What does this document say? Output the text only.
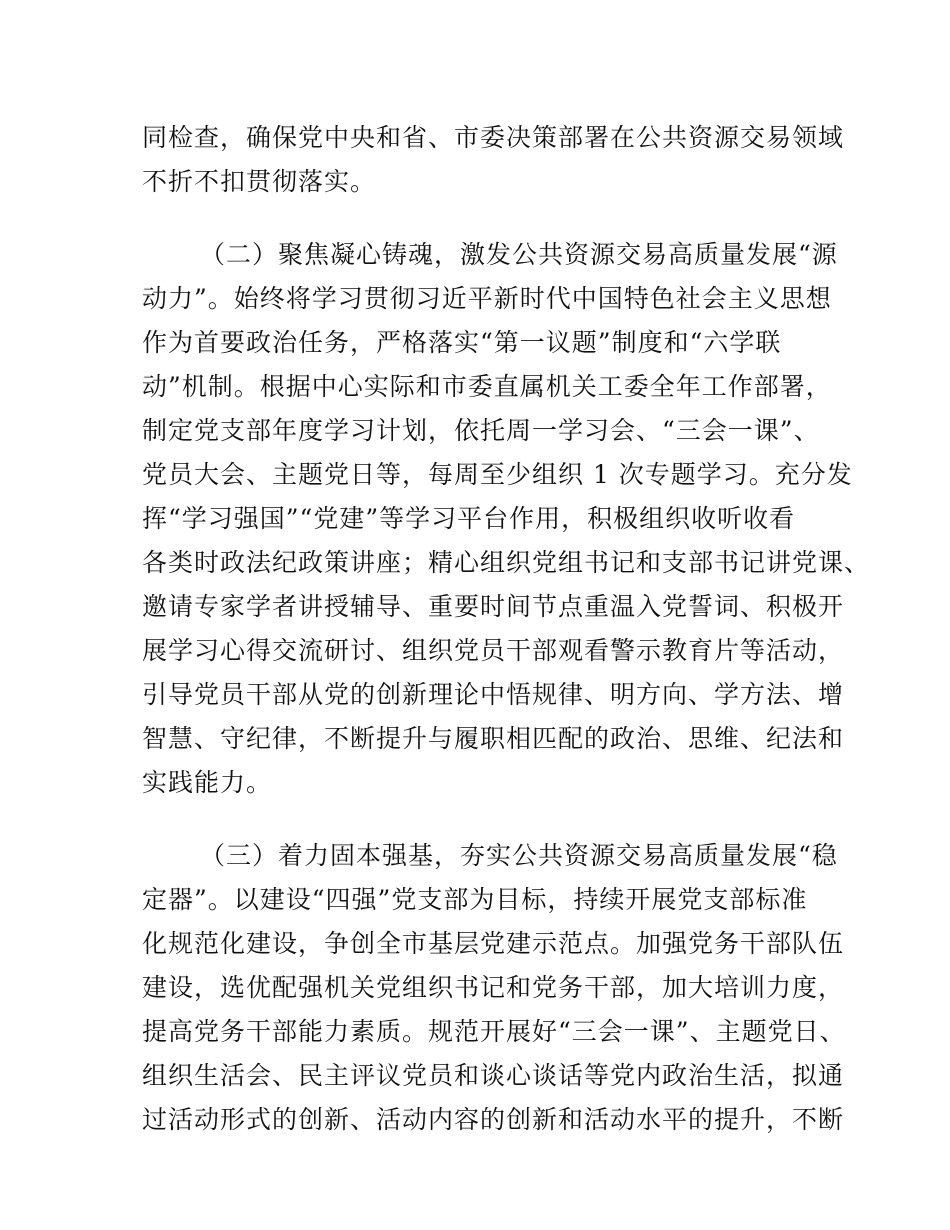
同检查，确保党中央和省、市委决策部署在公共资源交易领域
不折不扣贯彻落实。
（二）聚焦凝心铸魂，激发公共资源交易高质量发展“源
动力”。始终将学习贯彻习近平新时代中国特色社会主义思想
作为首要政治任务，严格落实“第一议题”制度和“六学联
动”机制。根据中心实际和市委直属机关工委全年工作部署，
制定党支部年度学习计划，依托周一学习会、“三会一课”、
党员大会、主题党日等，每周至少组织 1 次专题学习。充分发
挥“学习强国”“党建”等学习平台作用，积极组织收听收看
各类时政法纪政策讲座；精心组织党组书记和支部书记讲党课、
邀请专家学者讲授辅导、重要时间节点重温入党誓词、积极开
展学习心得交流研讨、组织党员干部观看警示教育片等活动，
引导党员干部从党的创新理论中悟规律、明方向、学方法、增
智慧、守纪律，不断提升与履职相匹配的政治、思维、纪法和
实践能力。
（三）着力固本强基，夯实公共资源交易高质量发展“稳
定器”。以建设“四强”党支部为目标，持续开展党支部标准
化规范化建设，争创全市基层党建示范点。加强党务干部队伍
建设，选优配强机关党组织书记和党务干部，加大培训力度，
提高党务干部能力素质。规范开展好“三会一课”、主题党日、
组织生活会、民主评议党员和谈心谈话等党内政治生活，拟通
过活动形式的创新、活动内容的创新和活动水平的提升，不断
